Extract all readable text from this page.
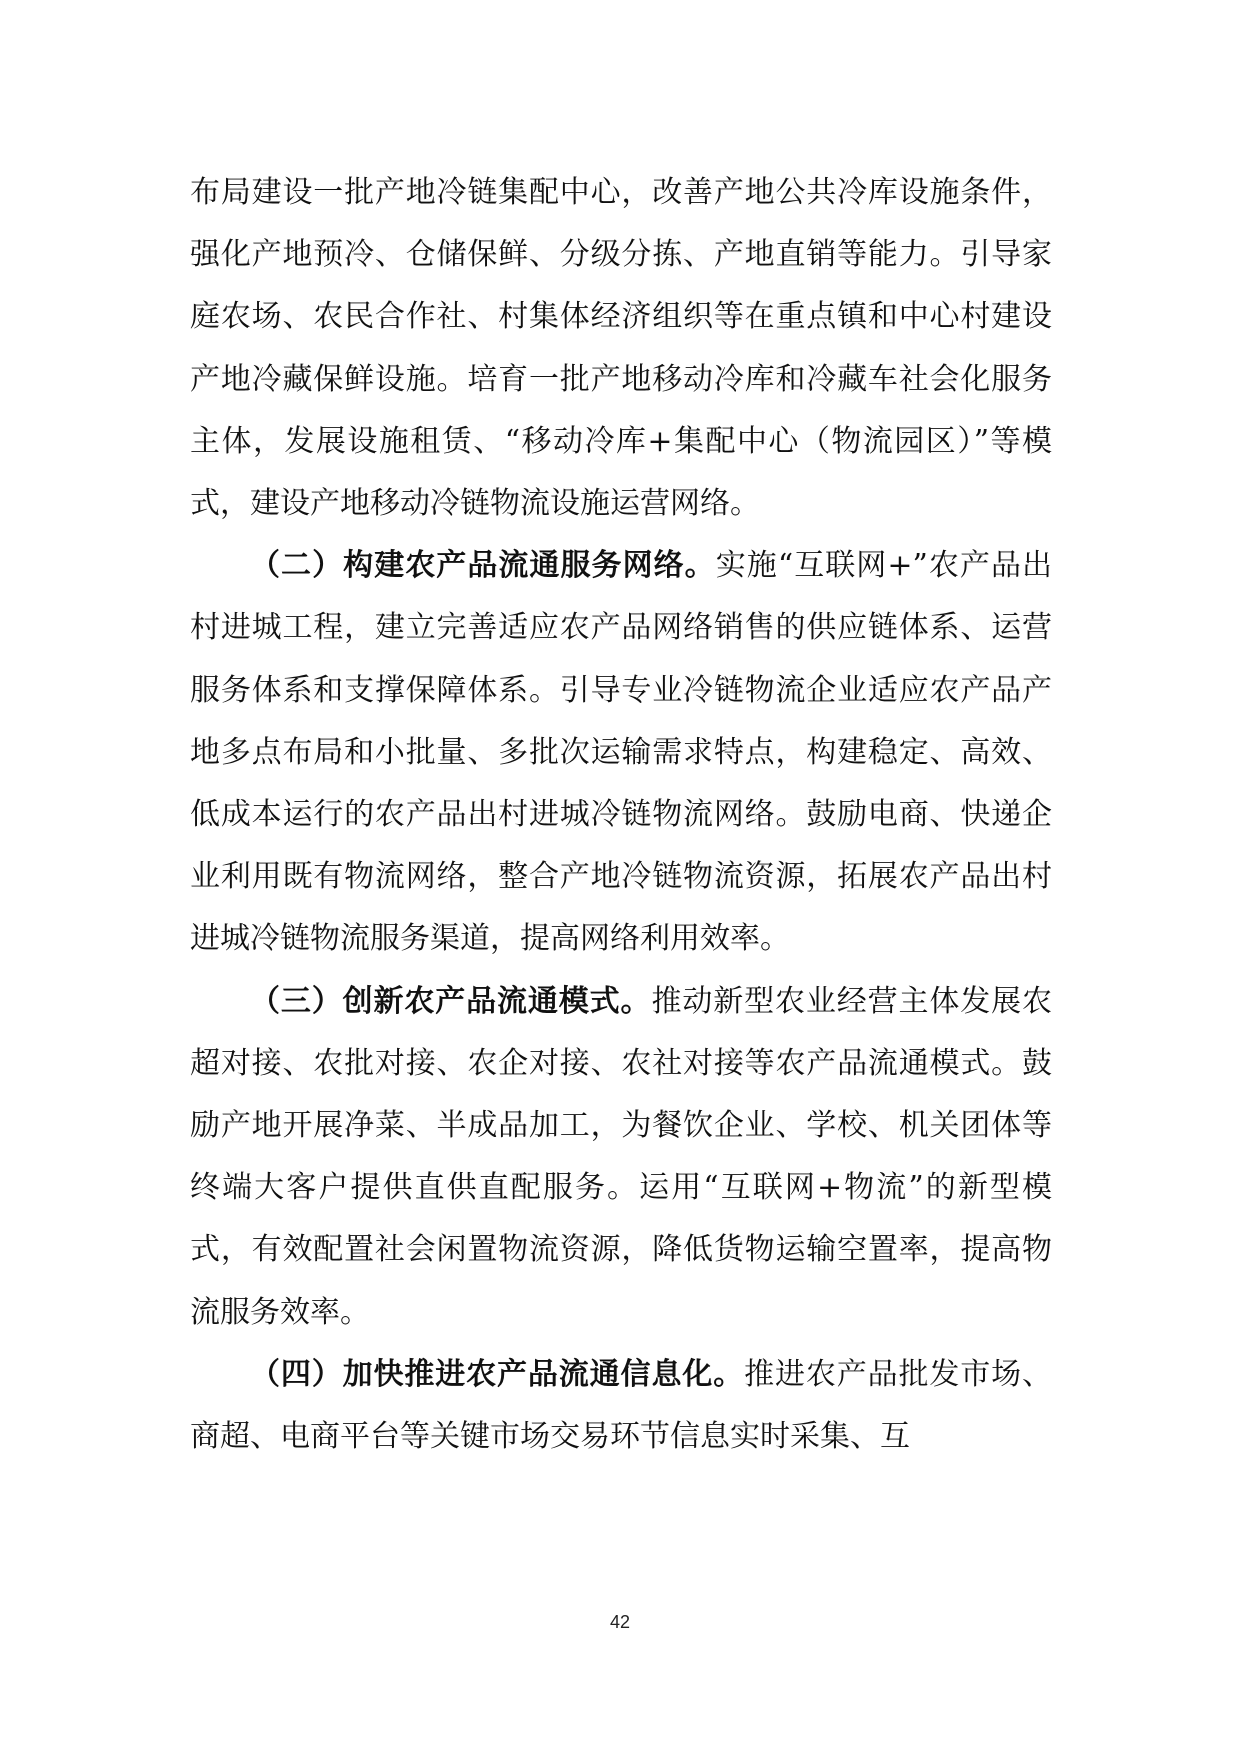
布局建设一批产地冷链集配中心，改善产地公共冷库设施条件，强化产地预冷、仓储保鲜、分级分拣、产地直销等能力。引导家庭农场、农民合作社、村集体经济组织等在重点镇和中心村建设产地冷藏保鲜设施。培育一批产地移动冷库和冷藏车社会化服务主体，发展设施租赁、“移动冷库+集配中心（物流园区）”等模式，建设产地移动冷链物流设施运营网络。

（二）构建农产品流通服务网络。实施“互联网+”农产品出村进城工程，建立完善适应农产品网络销售的供应链体系、运营服务体系和支撑保障体系。引导专业冷链物流企业适应农产品产地多点布局和小批量、多批次运输需求特点，构建稳定、高效、低成本运行的农产品出村进城冷链物流网络。鼓励电商、快递企业利用既有物流网络，整合产地冷链物流资源，拓展农产品出村进城冷链物流服务渠道，提高网络利用效率。

（三）创新农产品流通模式。推动新型农业经营主体发展农超对接、农批对接、农企对接、农社对接等农产品流通模式。鼓励产地开展净菜、半成品加工，为餐饮企业、学校、机关团体等终端大客户提供直供直配服务。运用“互联网+物流”的新型模式，有效配置社会闲置物流资源，降低货物运输空置率，提高物流服务效率。

（四）加快推进农产品流通信息化。推进农产品批发市场、商超、电商平台等关键市场交易环节信息实时采集、互

42
